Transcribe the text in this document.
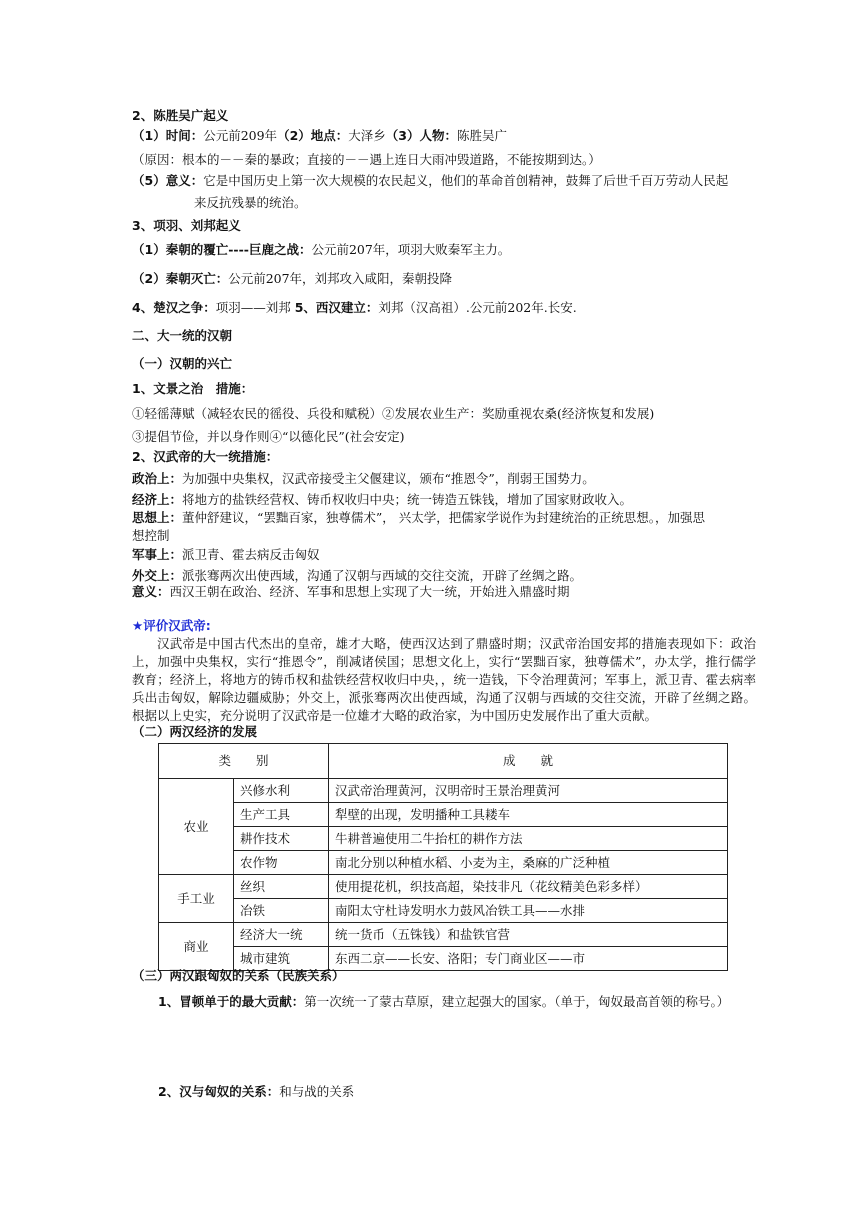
2、陈胜吴广起义
（1）时间：公元前209年（2）地点：大泽乡（3）人物：陈胜吴广
（原因：根本的－－秦的暴政；直接的－－遇上连日大雨冲毁道路，不能按期到达。）
（5）意义：它是中国历史上第一次大规模的农民起义，他们的革命首创精神，鼓舞了后世千百万劳动人民起
来反抗残暴的统治。
3、项羽、刘邦起义
（1）秦朝的覆亡----巨鹿之战：公元前207年，项羽大败秦军主力。
（2）秦朝灭亡：公元前207年，刘邦攻入咸阳，秦朝投降
4、楚汉之争：项羽——刘邦 5、西汉建立：刘邦（汉高祖）.公元前202年.长安.
二、大一统的汉朝
（一）汉朝的兴亡
1、文景之治　措施：
①轻徭薄赋（减轻农民的徭役、兵役和赋税）②发展农业生产：奖励重视农桑(经济恢复和发展)
③提倡节俭，并以身作则④“以德化民”(社会安定)
2、汉武帝的大一统措施：
政治上：为加强中央集权，汉武帝接受主父偃建议，颁布“推恩令”，削弱王国势力。
经济上：将地方的盐铁经营权、铸币权收归中央；统一铸造五铢钱，增加了国家财政收入。
思想上：董仲舒建议，“罢黜百家，独尊儒术”， 兴太学，把儒家学说作为封建统治的正统思想。，加强思
想控制
军事上：派卫青、霍去病反击匈奴
外交上：派张骞两次出使西域，沟通了汉朝与西域的交往交流，开辟了丝绸之路。
意义：西汉王朝在政治、经济、军事和思想上实现了大一统，开始进入鼎盛时期
★评价汉武帝:
汉武帝是中国古代杰出的皇帝，雄才大略，使西汉达到了鼎盛时期；汉武帝治国安邦的措施表现如下：政治上，加强中央集权，实行“推恩令”，削减诸侯国；思想文化上，实行“罢黜百家，独尊儒术”，办太学，推行儒学教育；经济上，将地方的铸币权和盐铁经营权收归中央，，统一造钱，下令治理黄河；军事上，派卫青、霍去病率兵出击匈奴，解除边疆威胁；外交上，派张骞两次出使西域，沟通了汉朝与西域的交往交流，开辟了丝绸之路。根据以上史实，充分说明了汉武帝是一位雄才大略的政治家，为中国历史发展作出了重大贡献。
（二）两汉经济的发展
类　　别		成　　就
农业	兴修水利	汉武帝治理黄河，汉明帝时王景治理黄河
	生产工具	犁壁的出现，发明播种工具耧车
	耕作技术	牛耕普遍使用二牛抬杠的耕作方法
	农作物	南北分别以种植水稻、小麦为主，桑麻的广泛种植
手工业	丝织	使用提花机，织技高超，染技非凡（花纹精美色彩多样）
	冶铁	南阳太守杜诗发明水力鼓风冶铁工具——水排
商业	经济大一统	统一货币（五铢钱）和盐铁官营
	城市建筑	东西二京——长安、洛阳；专门商业区——市
（三）两汉跟匈奴的关系（民族关系）
1、冒顿单于的最大贡献：第一次统一了蒙古草原，建立起强大的国家。（单于，匈奴最高首领的称号。）
2、汉与匈奴的关系：和与战的关系
